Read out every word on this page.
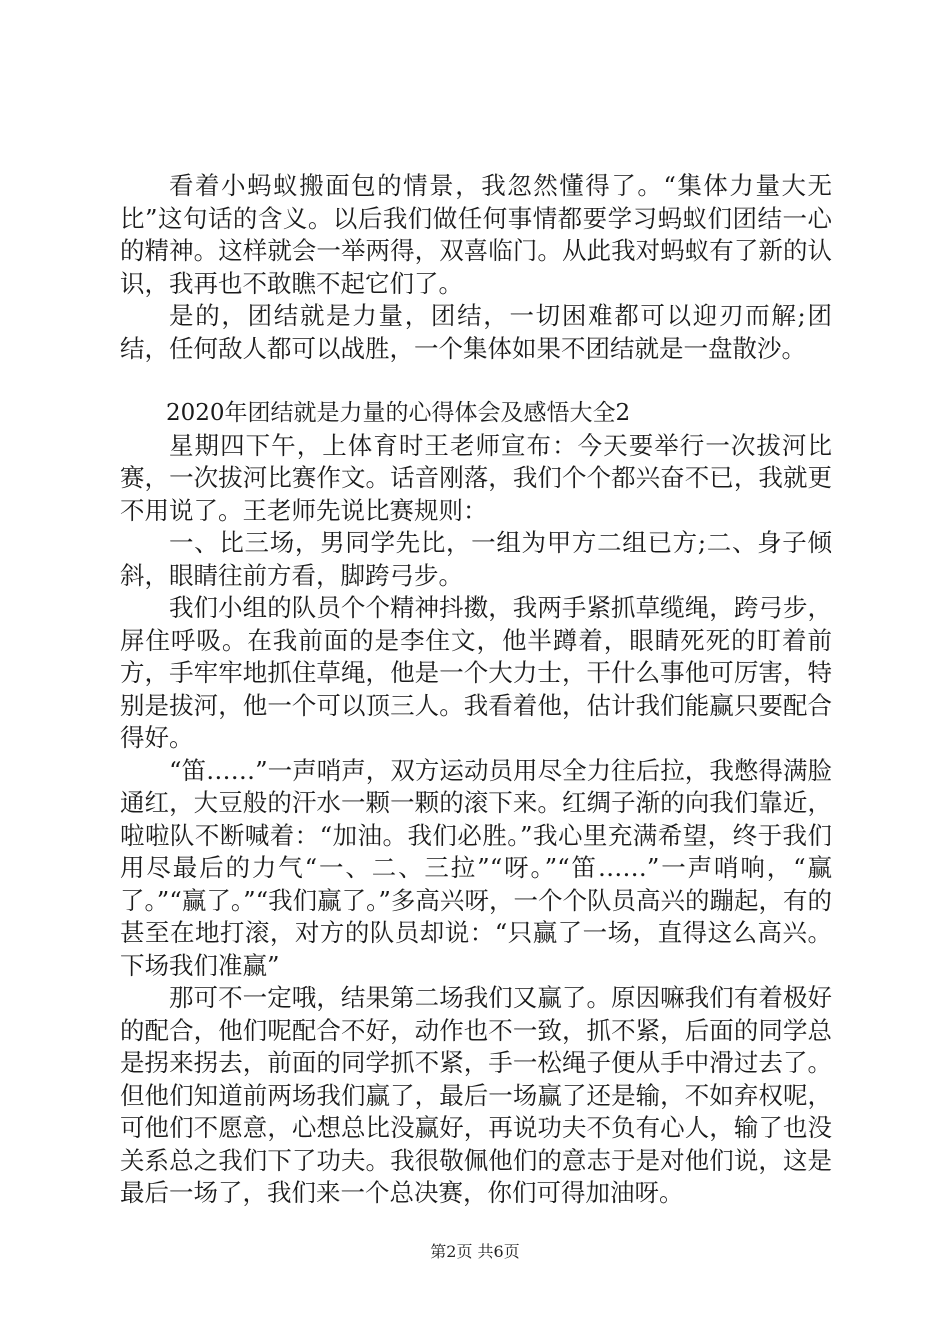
看着小蚂蚁搬面包的情景，我忽然懂得了。“集体力量大无比”这句话的含义。以后我们做任何事情都要学习蚂蚁们团结一心的精神。这样就会一举两得，双喜临门。从此我对蚂蚁有了新的认识，我再也不敢瞧不起它们了。

是的，团结就是力量，团结，一切困难都可以迎刃而解;团结，任何敌人都可以战胜，一个集体如果不团结就是一盘散沙。

2020年团结就是力量的心得体会及感悟大全2

星期四下午，上体育时王老师宣布：今天要举行一次拔河比赛，一次拔河比赛作文。话音刚落，我们个个都兴奋不已，我就更不用说了。王老师先说比赛规则：

一、比三场，男同学先比，一组为甲方二组已方;二、身子倾斜，眼睛往前方看，脚跨弓步。

我们小组的队员个个精神抖擞，我两手紧抓草缆绳，跨弓步，屏住呼吸。在我前面的是李住文，他半蹲着，眼睛死死的盯着前方，手牢牢地抓住草绳，他是一个大力士，干什么事他可厉害，特别是拔河，他一个可以顶三人。我看着他，估计我们能赢只要配合得好。

“笛……”一声哨声，双方运动员用尽全力往后拉，我憋得满脸通红，大豆般的汗水一颗一颗的滚下来。红绸子渐的向我们靠近，啦啦队不断喊着：“加油。我们必胜。”我心里充满希望，终于我们用尽最后的力气“一、二、三拉”“呀。”“笛……”一声哨响，“赢了。”“赢了。”“我们赢了。”多高兴呀，一个个队员高兴的蹦起，有的甚至在地打滚，对方的队员却说：“只赢了一场，直得这么高兴。下场我们准赢”

那可不一定哦，结果第二场我们又赢了。原因嘛我们有着极好的配合，他们呢配合不好，动作也不一致，抓不紧，后面的同学总是拐来拐去，前面的同学抓不紧，手一松绳子便从手中滑过去了。但他们知道前两场我们赢了，最后一场赢了还是输，不如弃权呢，可他们不愿意，心想总比没赢好，再说功夫不负有心人，输了也没关系总之我们下了功夫。我很敬佩他们的意志于是对他们说，这是最后一场了，我们来一个总决赛，你们可得加油呀。

第2页 共6页
